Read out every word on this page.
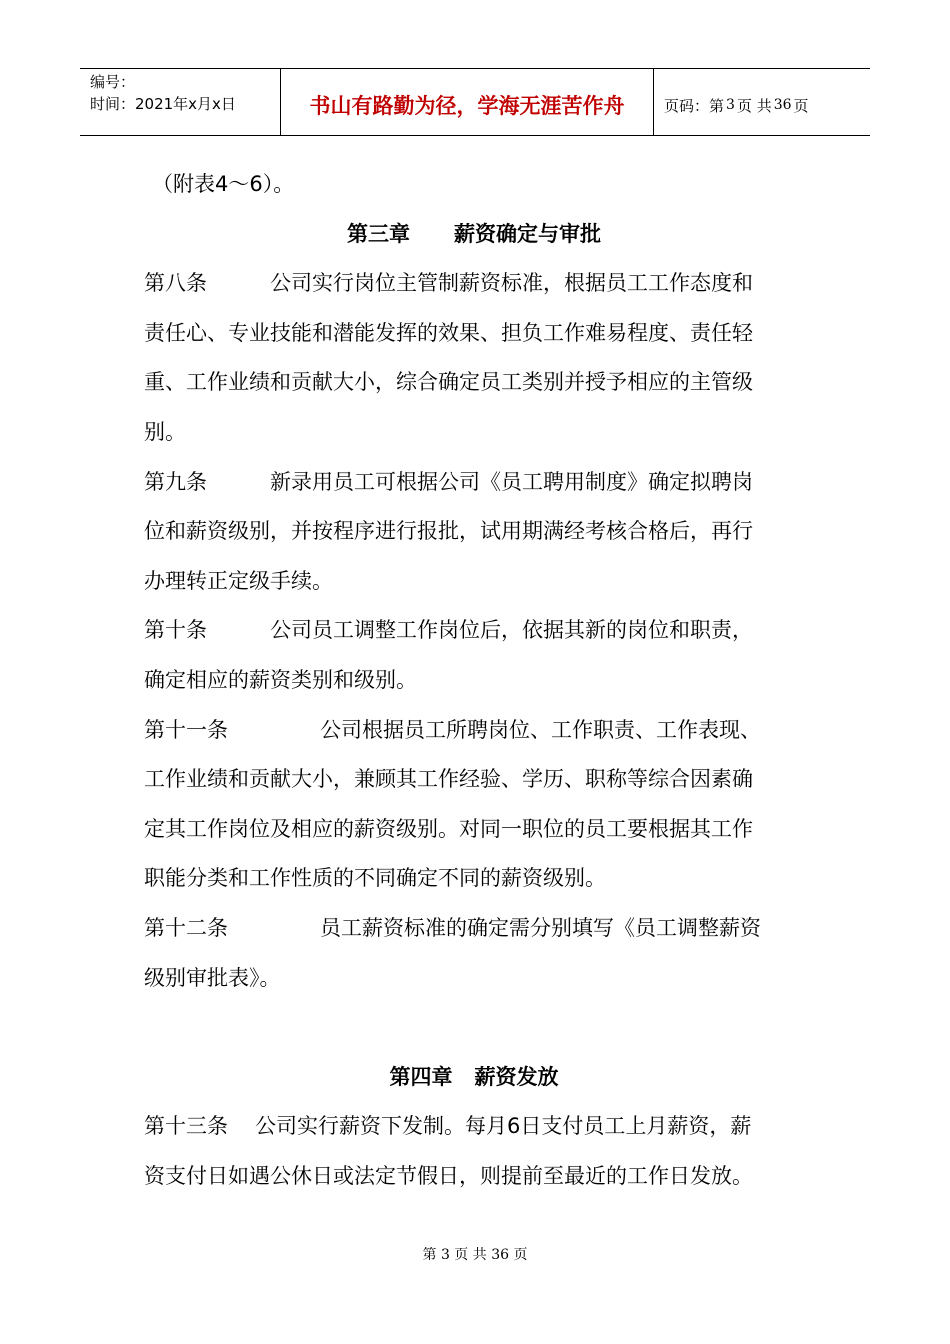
编号：
时间：2021年x月x日	书山有路勤为径，学海无涯苦作舟	页码：第 3 页 共 36 页
（附表4～6）。
第三章 薪资确定与审批
第八条	公司实行岗位主管制薪资标准，根据员工工作态度和
责任心、专业技能和潜能发挥的效果、担负工作难易程度、责任轻
重、工作业绩和贡献大小，综合确定员工类别并授予相应的主管级
别。
第九条	新录用员工可根据公司《员工聘用制度》确定拟聘岗
位和薪资级别，并按程序进行报批，试用期满经考核合格后，再行
办理转正定级手续。
第十条	公司员工调整工作岗位后，依据其新的岗位和职责，
确定相应的薪资类别和级别。
第十一条	公司根据员工所聘岗位、工作职责、工作表现、
工作业绩和贡献大小，兼顾其工作经验、学历、职称等综合因素确
定其工作岗位及相应的薪资级别。对同一职位的员工要根据其工作
职能分类和工作性质的不同确定不同的薪资级别。
第十二条	员工薪资标准的确定需分别填写《员工调整薪资
级别审批表》。
第四章 薪资发放
第十三条 公司实行薪资下发制。每月6日支付员工上月薪资，薪
资支付日如遇公休日或法定节假日，则提前至最近的工作日发放。
第 3 页 共 36 页
